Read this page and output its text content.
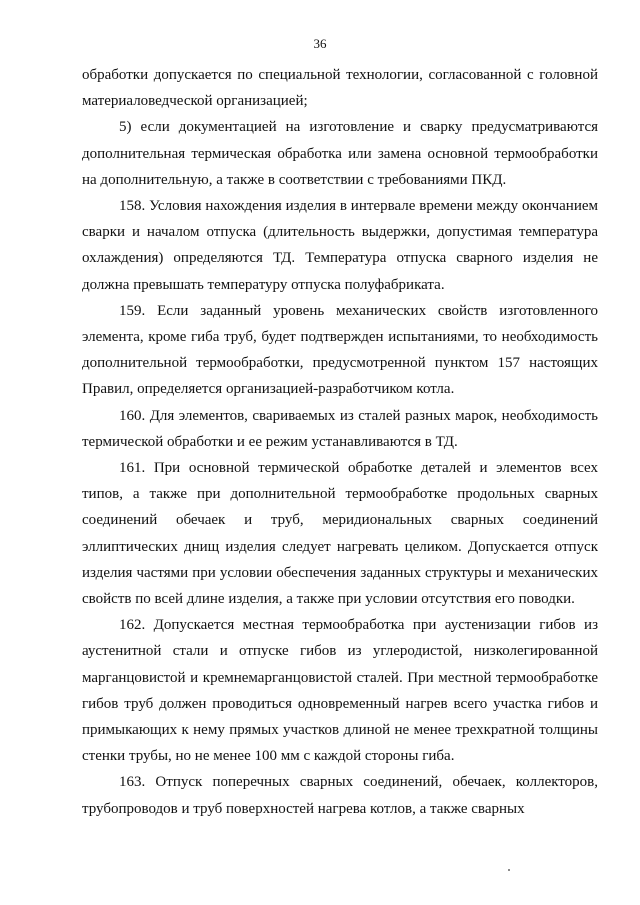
36

обработки допускается по специальной технологии, согласованной с головной материаловедческой организацией;

5) если документацией на изготовление и сварку предусматриваются дополнительная термическая обработка или замена основной термообработки на дополнительную, а также в соответствии с требованиями ПКД.

158. Условия нахождения изделия в интервале времени между окончанием сварки и началом отпуска (длительность выдержки, допустимая температура охлаждения) определяются ТД. Температура отпуска сварного изделия не должна превышать температуру отпуска полуфабриката.

159. Если заданный уровень механических свойств изготовленного элемента, кроме гиба труб, будет подтвержден испытаниями, то необходимость дополнительной термообработки, предусмотренной пунктом 157 настоящих Правил, определяется организацией-разработчиком котла.

160. Для элементов, свариваемых из сталей разных марок, необходимость термической обработки и ее режим устанавливаются в ТД.

161. При основной термической обработке деталей и элементов всех типов, а также при дополнительной термообработке продольных сварных соединений обечаек и труб, меридиональных сварных соединений эллиптических днищ изделия следует нагревать целиком. Допускается отпуск изделия частями при условии обеспечения заданных структуры и механических свойств по всей длине изделия, а также при условии отсутствия его поводки.

162. Допускается местная термообработка при аустенизации гибов из аустенитной стали и отпуске гибов из углеродистой, низколегированной марганцовистой и кремнемарганцовистой сталей. При местной термообработке гибов труб должен проводиться одновременный нагрев всего участка гибов и примыкающих к нему прямых участков длиной не менее трехкратной толщины стенки трубы, но не менее 100 мм с каждой стороны гиба.

163. Отпуск поперечных сварных соединений, обечаек, коллекторов, трубопроводов и труб поверхностей нагрева котлов, а также сварных
